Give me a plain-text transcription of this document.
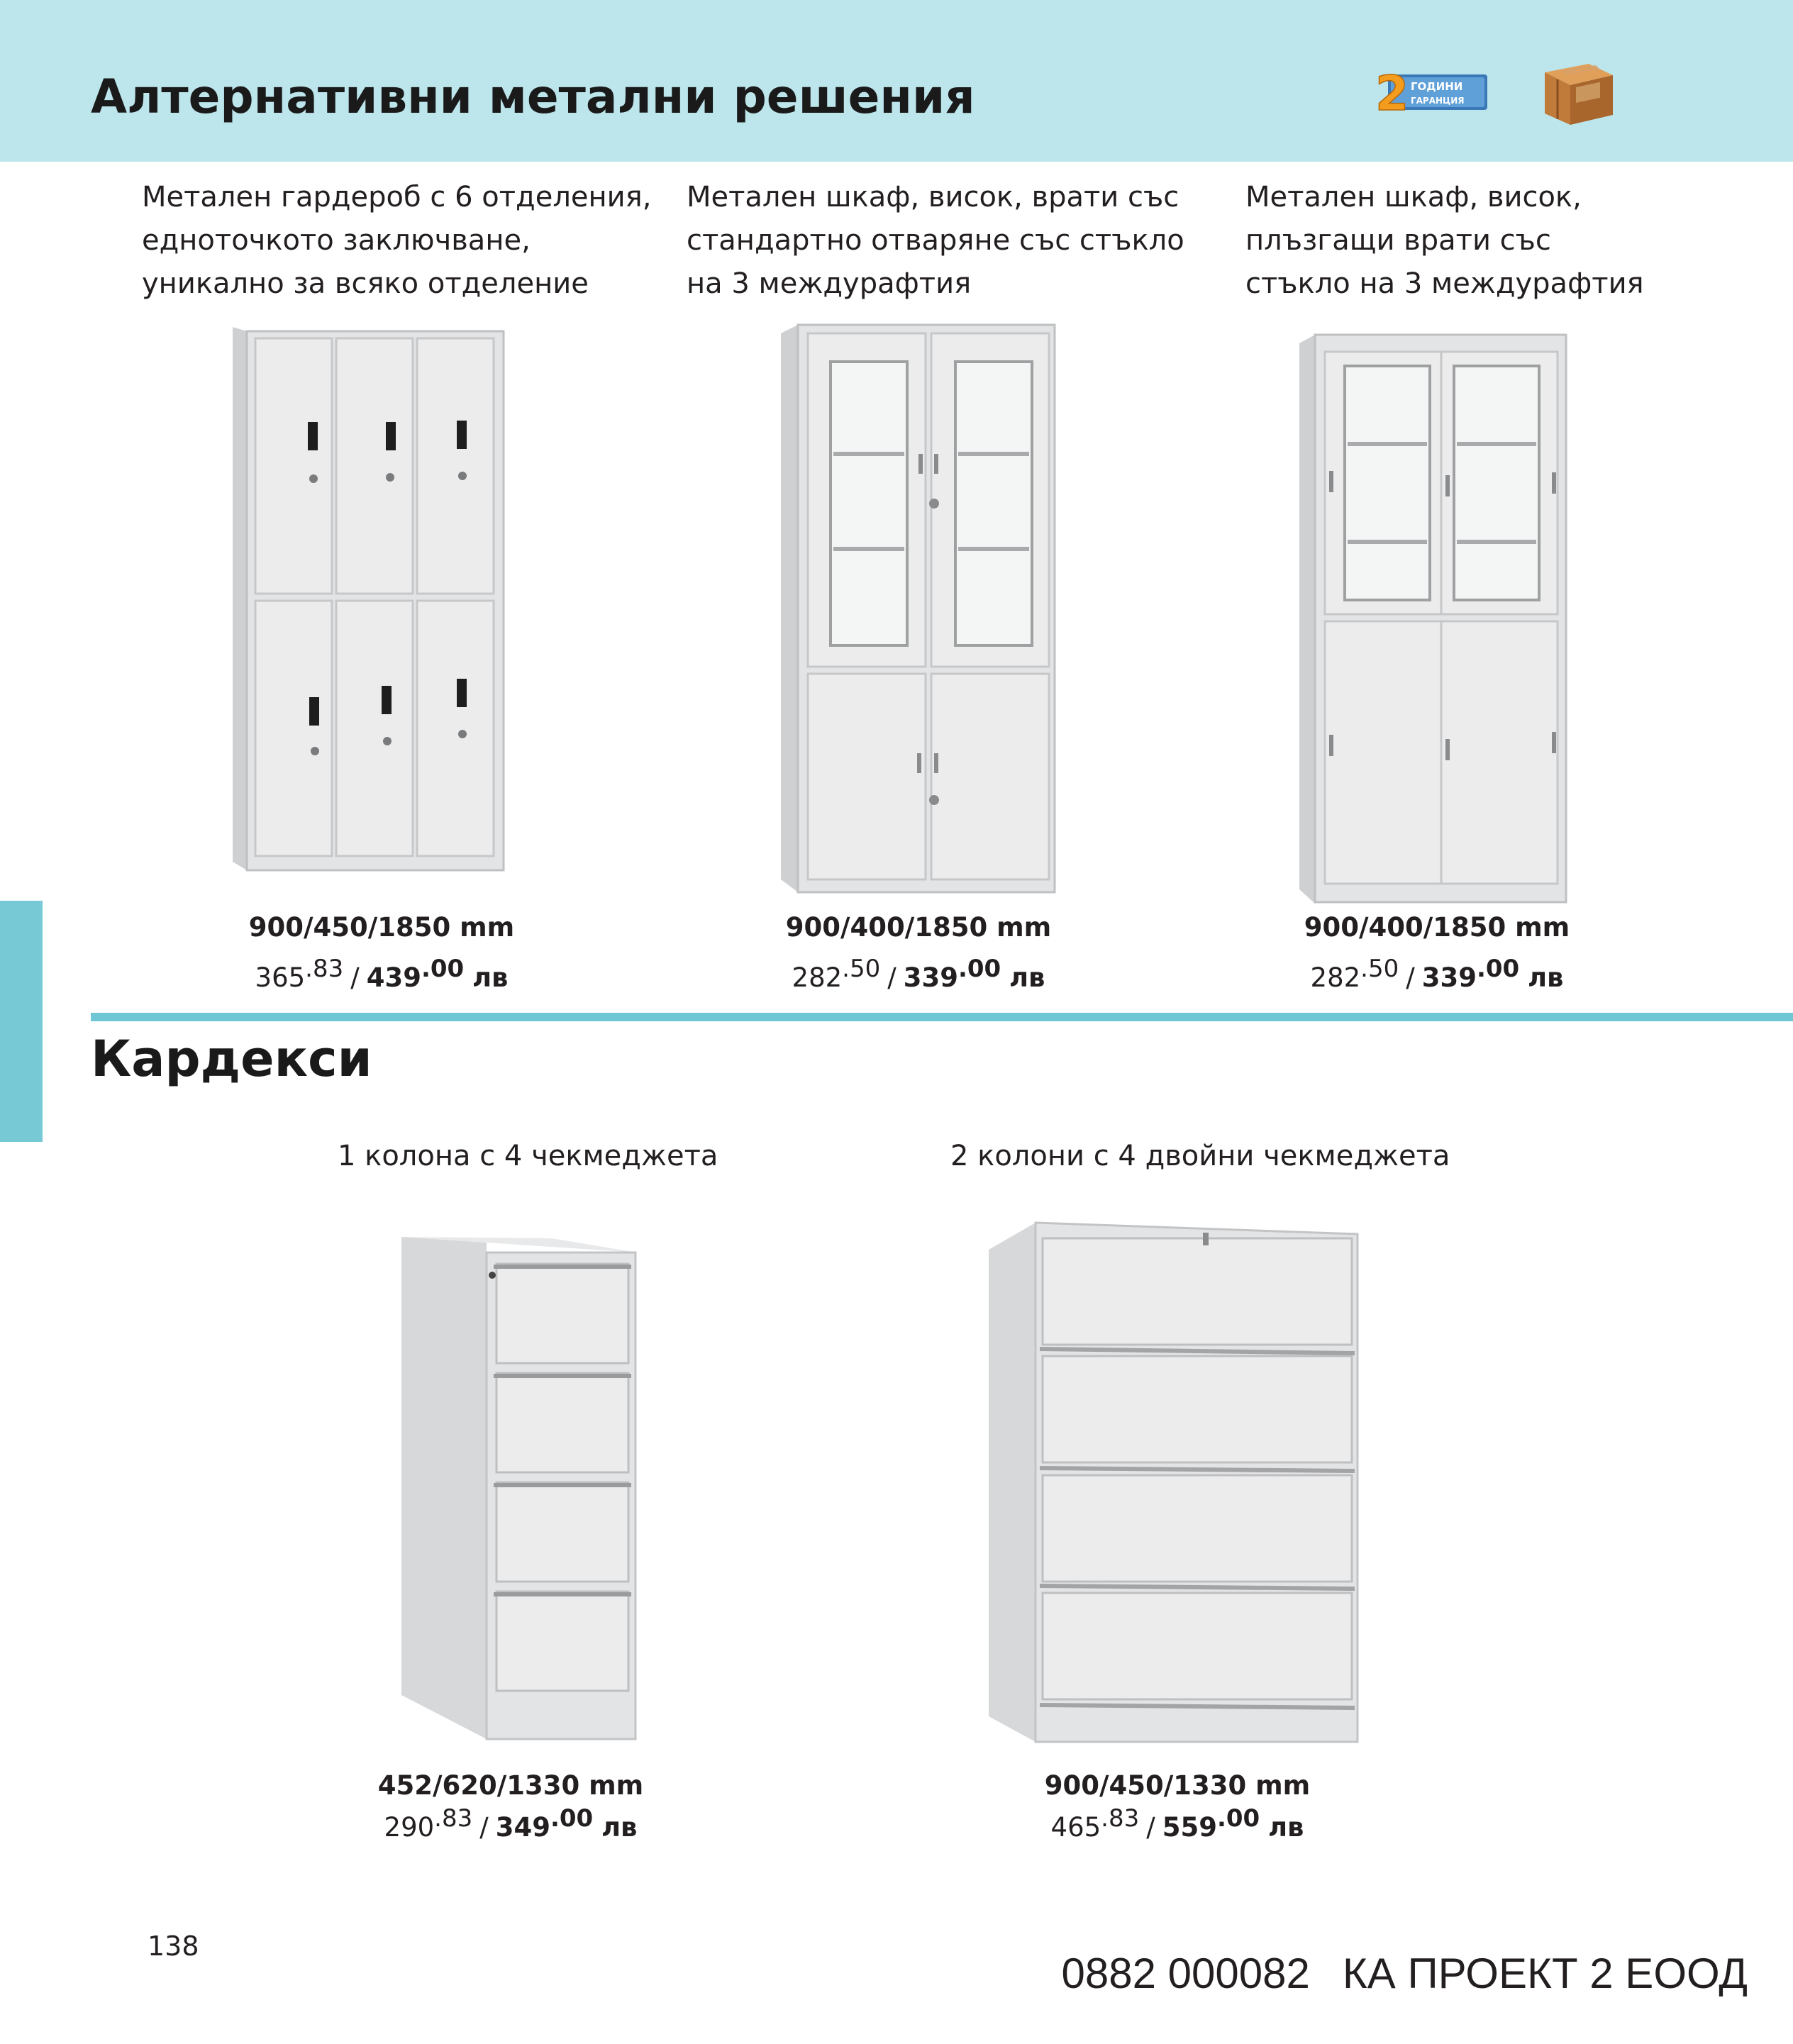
Алтернативни метални решения	2 ГОДИНИ
ГАРАНЦИЯ
Метален гардероб с 6 отделения,
едноточкото заключване,
уникално за всяко отделение
900/450/1850 mm
365.83 / 439.00 лв
Метален шкаф, висок, врати със
стандартно отваряне със стъкло
на 3 междурафтия
900/400/1850 mm
282.50 / 339.00 лв
Метален шкаф, висок,
плъзгащи врати със
стъкло на 3 междурафтия
900/400/1850 mm
282.50 / 339.00 лв
Кардекси
1 колона с 4 чекмеджета	2 колони с 4 двойни чекмеджета
452/620/1330 mm
290.83 / 349.00 лв
900/450/1330 mm
465.83 / 559.00 лв
138
0882 000082 КА ПРОЕКТ 2 ЕООД
